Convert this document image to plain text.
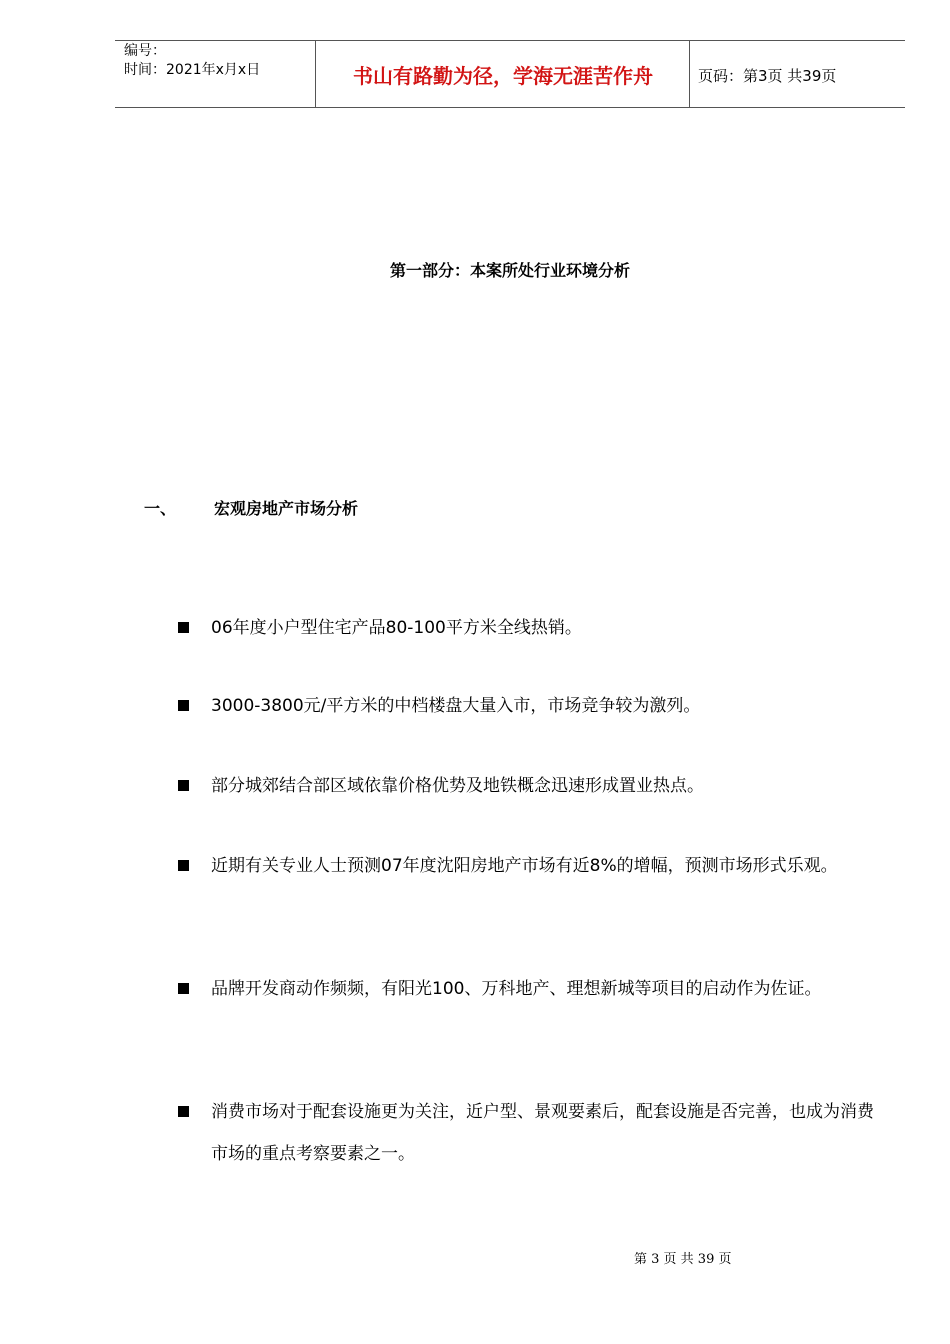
编号：
时间：2021年x月x日	书山有路勤为径，学海无涯苦作舟	页码：第3页 共39页
第一部分：本案所处行业环境分析
一、 宏观房地产市场分析
06年度小户型住宅产品80-100平方米全线热销。
3000-3800元/平方米的中档楼盘大量入市，市场竞争较为激列。
部分城郊结合部区域依靠价格优势及地铁概念迅速形成置业热点。
近期有关专业人士预测07年度沈阳房地产市场有近8%的增幅，预测市场形式乐观。
品牌开发商动作频频，有阳光100、万科地产、理想新城等项目的启动作为佐证。
消费市场对于配套设施更为关注，近户型、景观要素后，配套设施是否完善，也成为消费市场的重点考察要素之一。
第 3 页 共 39 页
